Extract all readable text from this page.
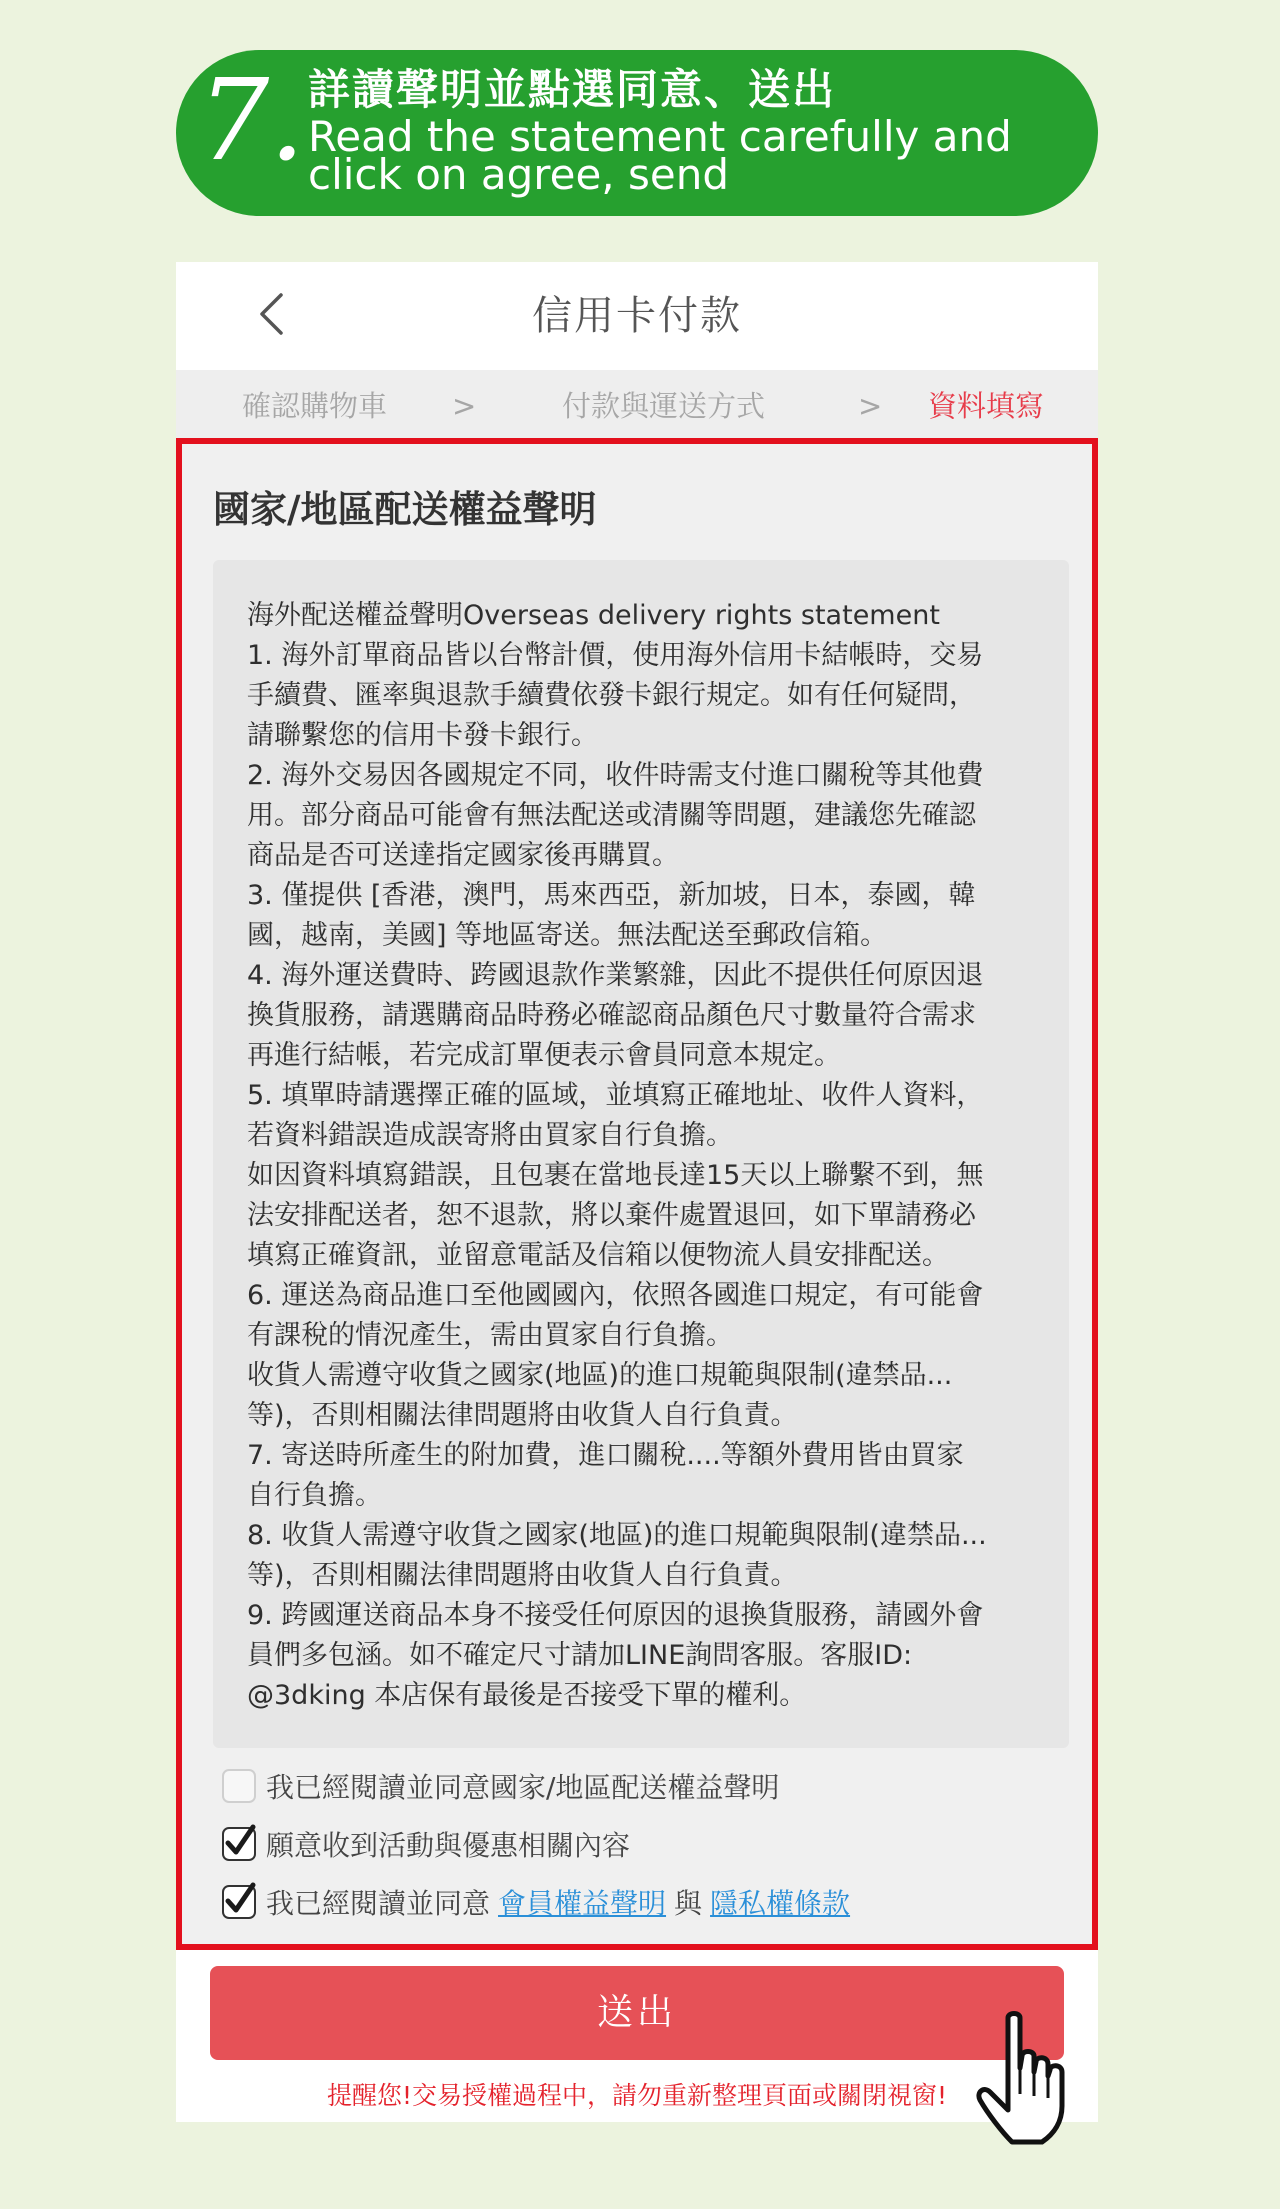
7. 詳讀聲明並點選同意、送出
Read the statement carefully and click on agree, send
信用卡付款
確認購物車 >	付款與運送方式	> 資料填寫
國家/地區配送權益聲明

海外配送權益聲明Overseas delivery rights statement

1. 海外訂單商品皆以台幣計價，使用海外信用卡結帳時，交易

手續費、匯率與退款手續費依發卡銀行規定。如有任何疑問，

請聯繫您的信用卡發卡銀行。

2. 海外交易因各國規定不同，收件時需支付進口關稅等其他費

用。部分商品可能會有無法配送或清關等問題，建議您先確認

商品是否可送達指定國家後再購買。

3. 僅提供 [香港，澳門，馬來西亞，新加坡，日本，泰國，韓

國，越南，美國] 等地區寄送。無法配送至郵政信箱。

4. 海外運送費時、跨國退款作業繁雜，因此不提供任何原因退

換貨服務，請選購商品時務必確認商品顏色尺寸數量符合需求

再進行結帳，若完成訂單便表示會員同意本規定。

5. 填單時請選擇正確的區域，並填寫正確地址、收件人資料，

若資料錯誤造成誤寄將由買家自行負擔。

如因資料填寫錯誤，且包裹在當地長達15天以上聯繫不到，無

法安排配送者，恕不退款，將以棄件處置退回，如下單請務必

填寫正確資訊，並留意電話及信箱以便物流人員安排配送。

6. 運送為商品進口至他國國內，依照各國進口規定，有可能會

有課稅的情況產生，需由買家自行負擔。

收貨人需遵守收貨之國家(地區)的進口規範與限制(違禁品...

等)，否則相關法律問題將由收貨人自行負責。

7. 寄送時所產生的附加費，進口關稅....等額外費用皆由買家

自行負擔。

8. 收貨人需遵守收貨之國家(地區)的進口規範與限制(違禁品...

等)，否則相關法律問題將由收貨人自行負責。

9. 跨國運送商品本身不接受任何原因的退換貨服務，請國外會

員們多包涵。如不確定尺寸請加LINE詢問客服。客服ID:

@3dking 本店保有最後是否接受下單的權利。

我已經閱讀並同意國家/地區配送權益聲明
願意收到活動與優惠相關內容
我已經閱讀並同意 會員權益聲明 與 隱私權條款
送出
提醒您!交易授權過程中，請勿重新整理頁面或關閉視窗!
